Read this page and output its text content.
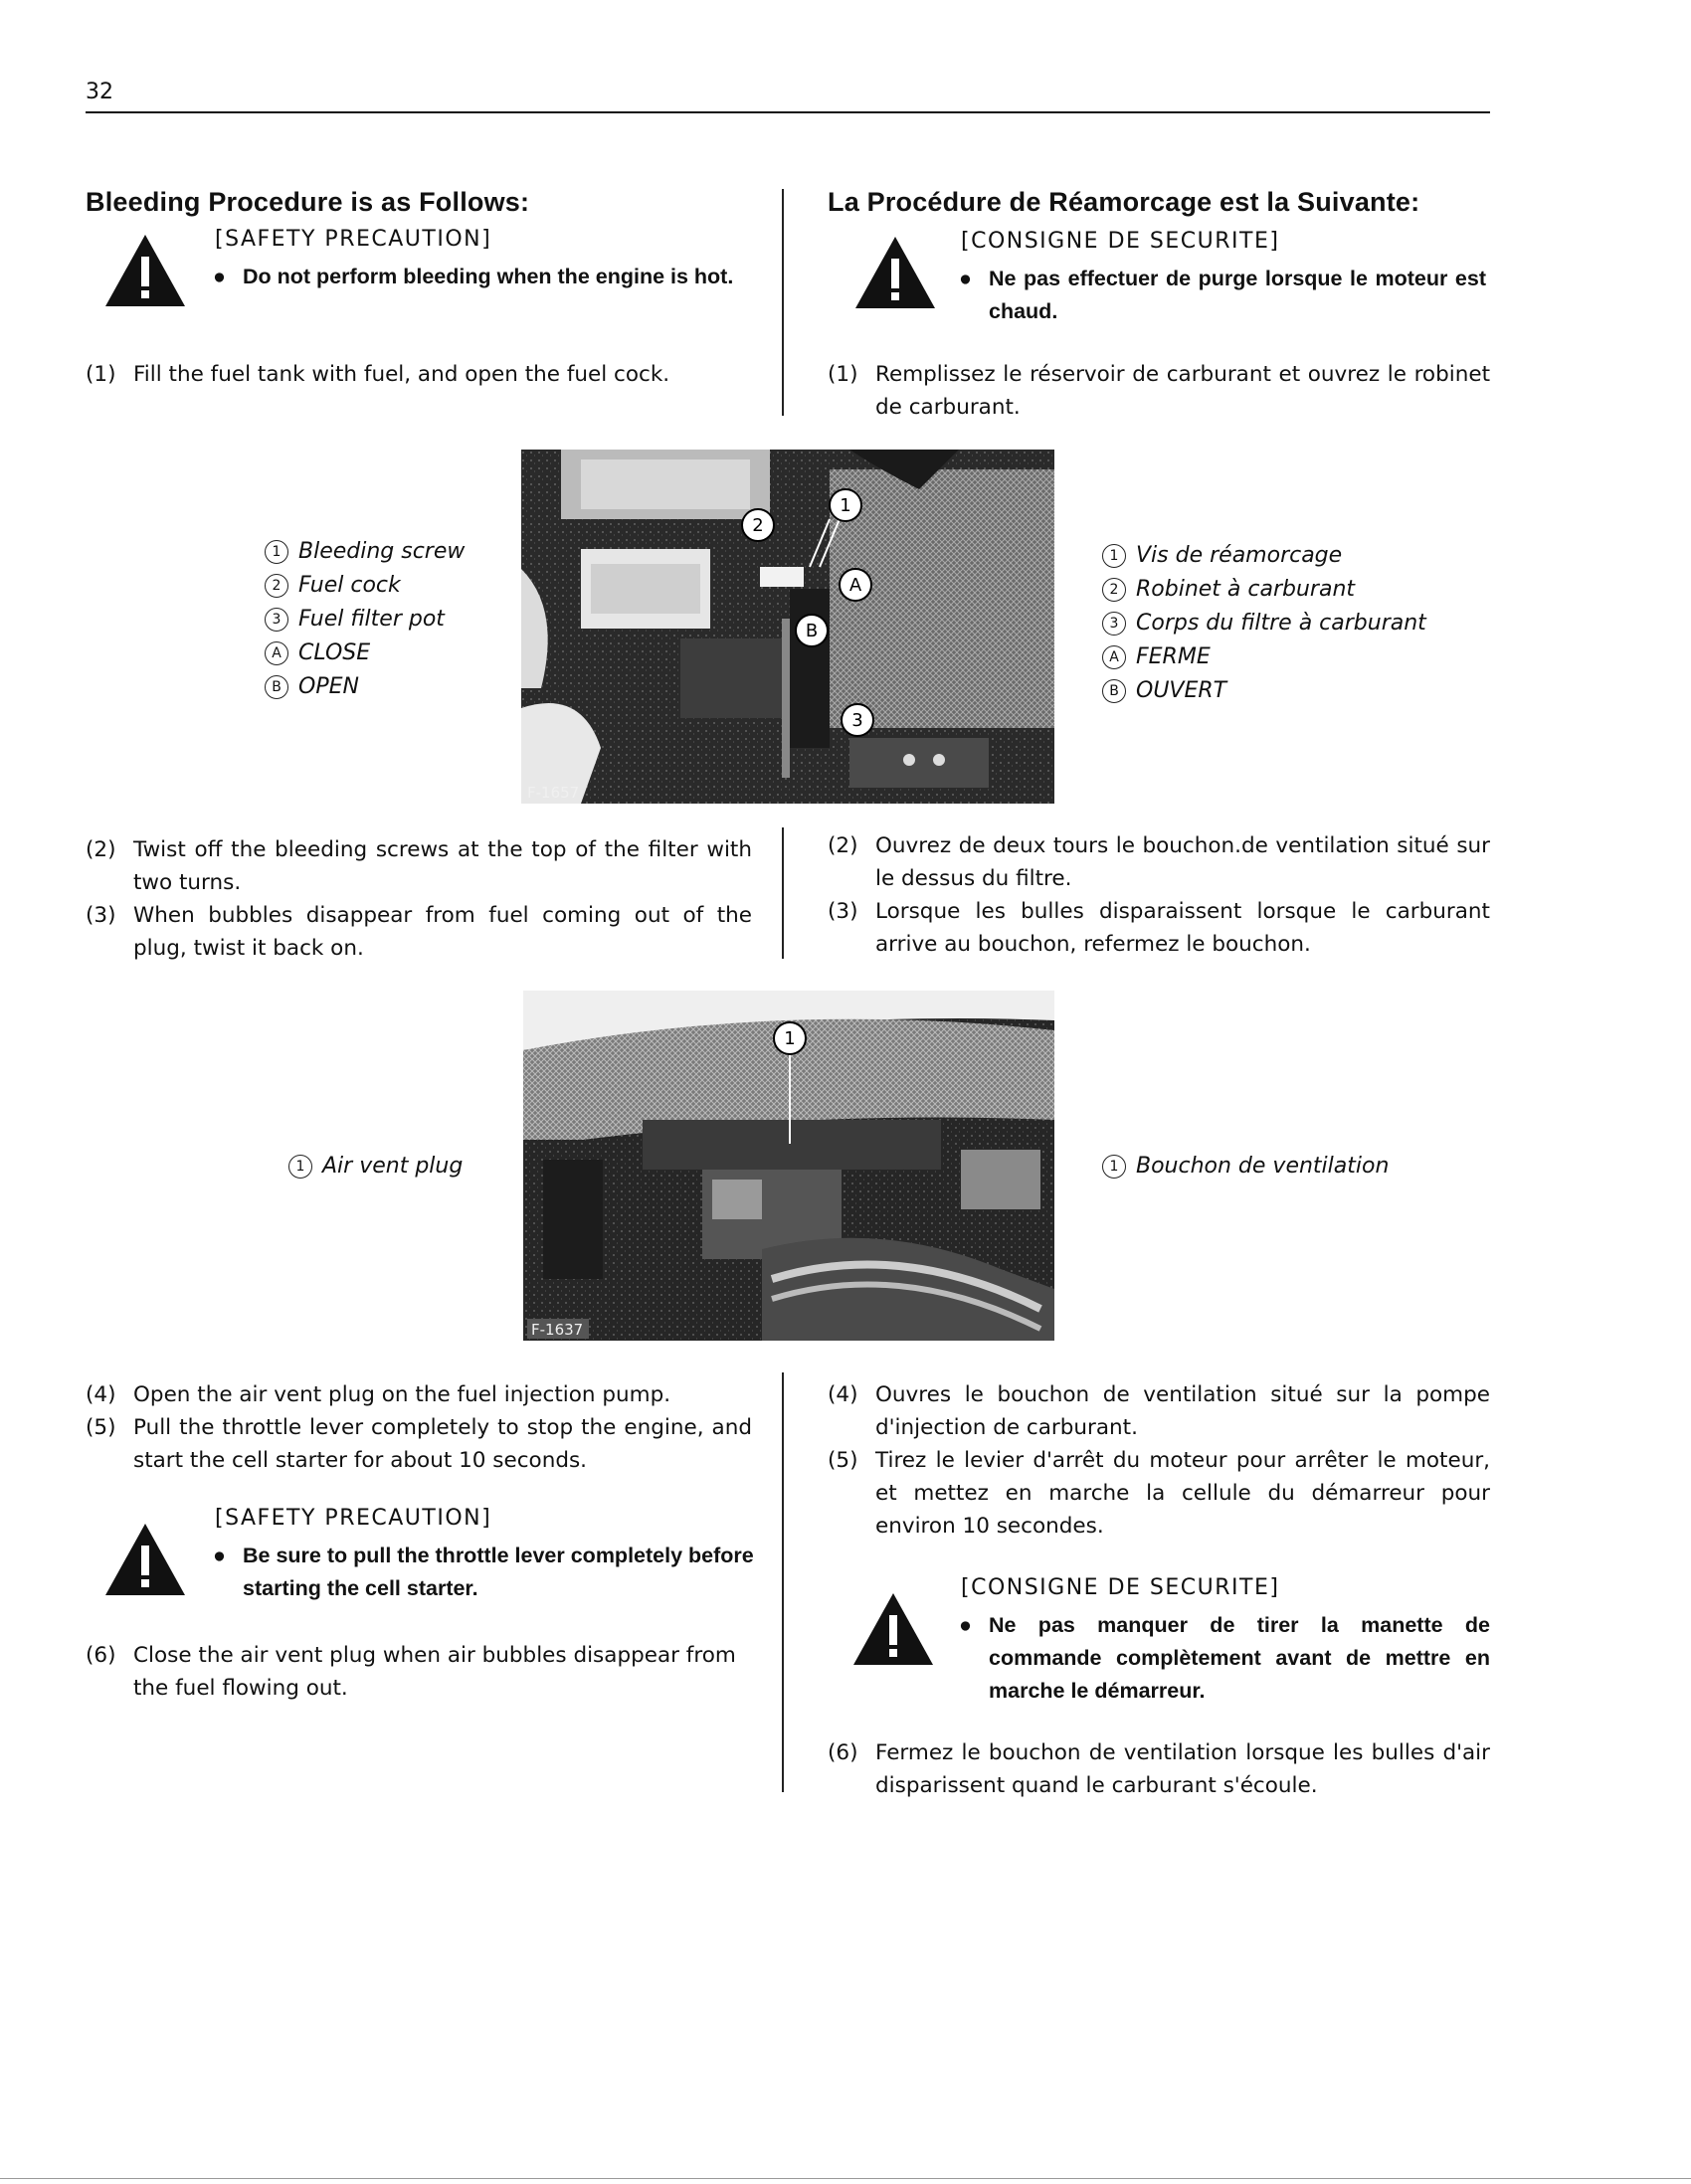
32
Bleeding Procedure is as Follows:
[SAFETY PRECAUTION]
● Do not perform bleeding when the engine is hot.
(1) Fill the fuel tank with fuel, and open the fuel cock.
1 Bleeding screw
2 Fuel cock
3 Fuel filter pot
A CLOSE
B OPEN
(2) Twist off the bleeding screws at the top of the filter with two turns.
(3) When bubbles disappear from fuel coming out of the plug, twist it back on.
1 Air vent plug
(4) Open the air vent plug on the fuel injection pump.
(5) Pull the throttle lever completely to stop the engine, and start the cell starter for about 10 seconds.
[SAFETY PRECAUTION]
● Be sure to pull the throttle lever completely before starting the cell starter.
(6) Close the air vent plug when air bubbles disappear from the fuel flowing out.
La Procédure de Réamorcage est la Suivante:
[CONSIGNE DE SECURITE]
● Ne pas effectuer de purge lorsque le moteur est chaud.
(1) Remplissez le réservoir de carburant et ouvrez le robinet de carburant.
1 Vis de réamorcage
2 Robinet à carburant
3 Corps du filtre à carburant
A FERME
B OUVERT
(2) Ouvrez de deux tours le bouchon.de ventilation situé sur le dessus du filtre.
(3) Lorsque les bulles disparaissent lorsque le carburant arrive au bouchon, refermez le bouchon.
1 Bouchon de ventilation
(4) Ouvres le bouchon de ventilation situé sur la pompe d'injection de carburant.
(5) Tirez le levier d'arrêt du moteur pour arrêter le moteur, et mettez en marche la cellule du démarreur pour environ 10 secondes.
[CONSIGNE DE SECURITE]
● Ne pas manquer de tirer la manette de commande complètement avant de mettre en marche le démarreur.
(6) Fermez le bouchon de ventilation lorsque les bulles d'air disparissent quand le carburant s'écoule.
1
2
3
A
B
F-1657
1
F-1637
